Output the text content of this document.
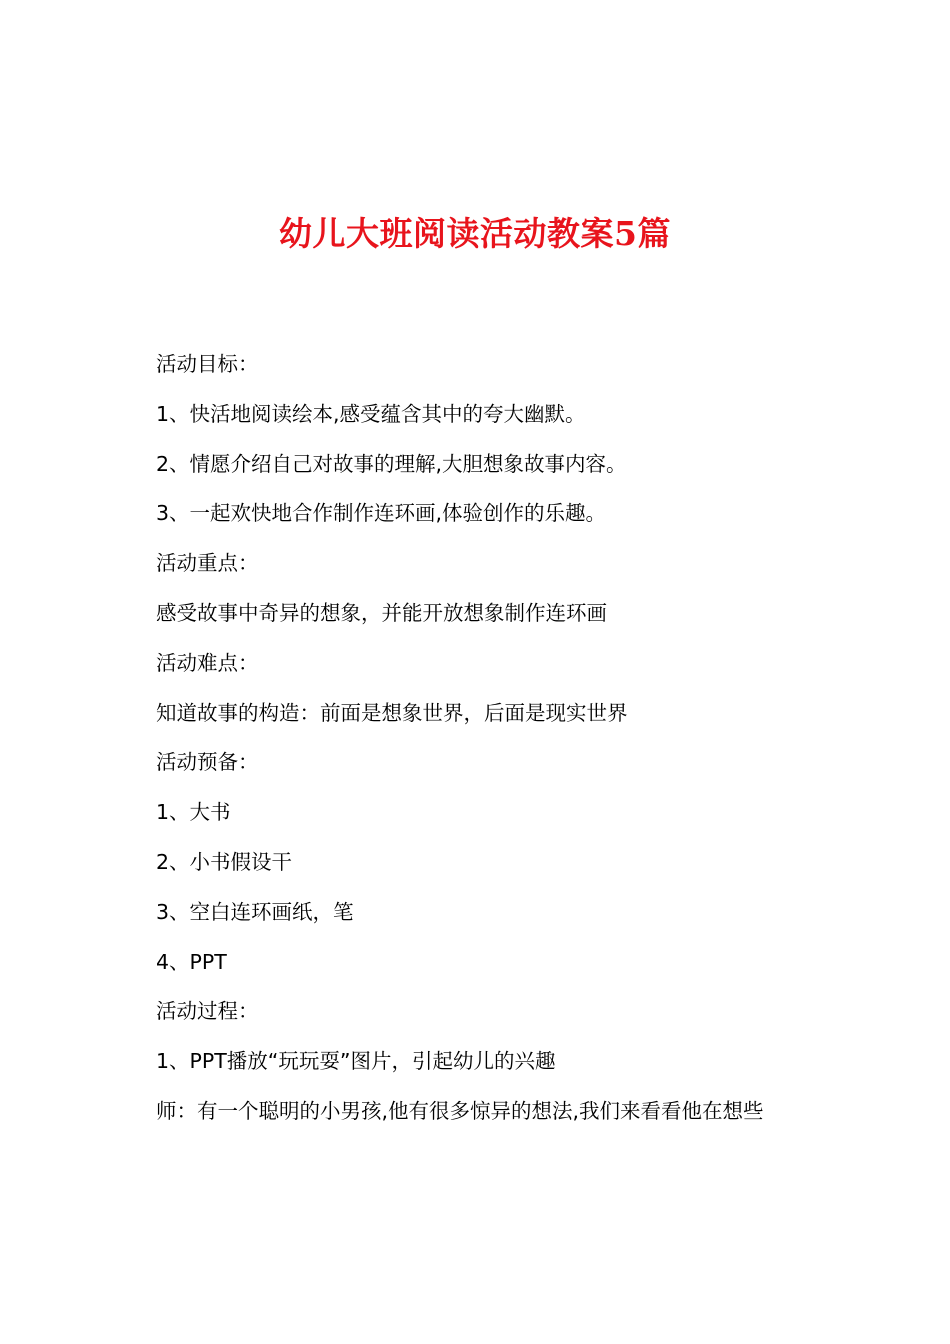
幼儿大班阅读活动教案5篇
活动目标：
1、快活地阅读绘本,感受蕴含其中的夸大幽默。
2、情愿介绍自己对故事的理解,大胆想象故事内容。
3、一起欢快地合作制作连环画,体验创作的乐趣。
活动重点：
感受故事中奇异的想象，并能开放想象制作连环画
活动难点：
知道故事的构造：前面是想象世界，后面是现实世界
活动预备：
1、大书
2、小书假设干
3、空白连环画纸，笔
4、PPT
活动过程：
1、PPT播放“玩玩耍”图片，引起幼儿的兴趣
师：有一个聪明的小男孩,他有很多惊异的想法,我们来看看他在想些
